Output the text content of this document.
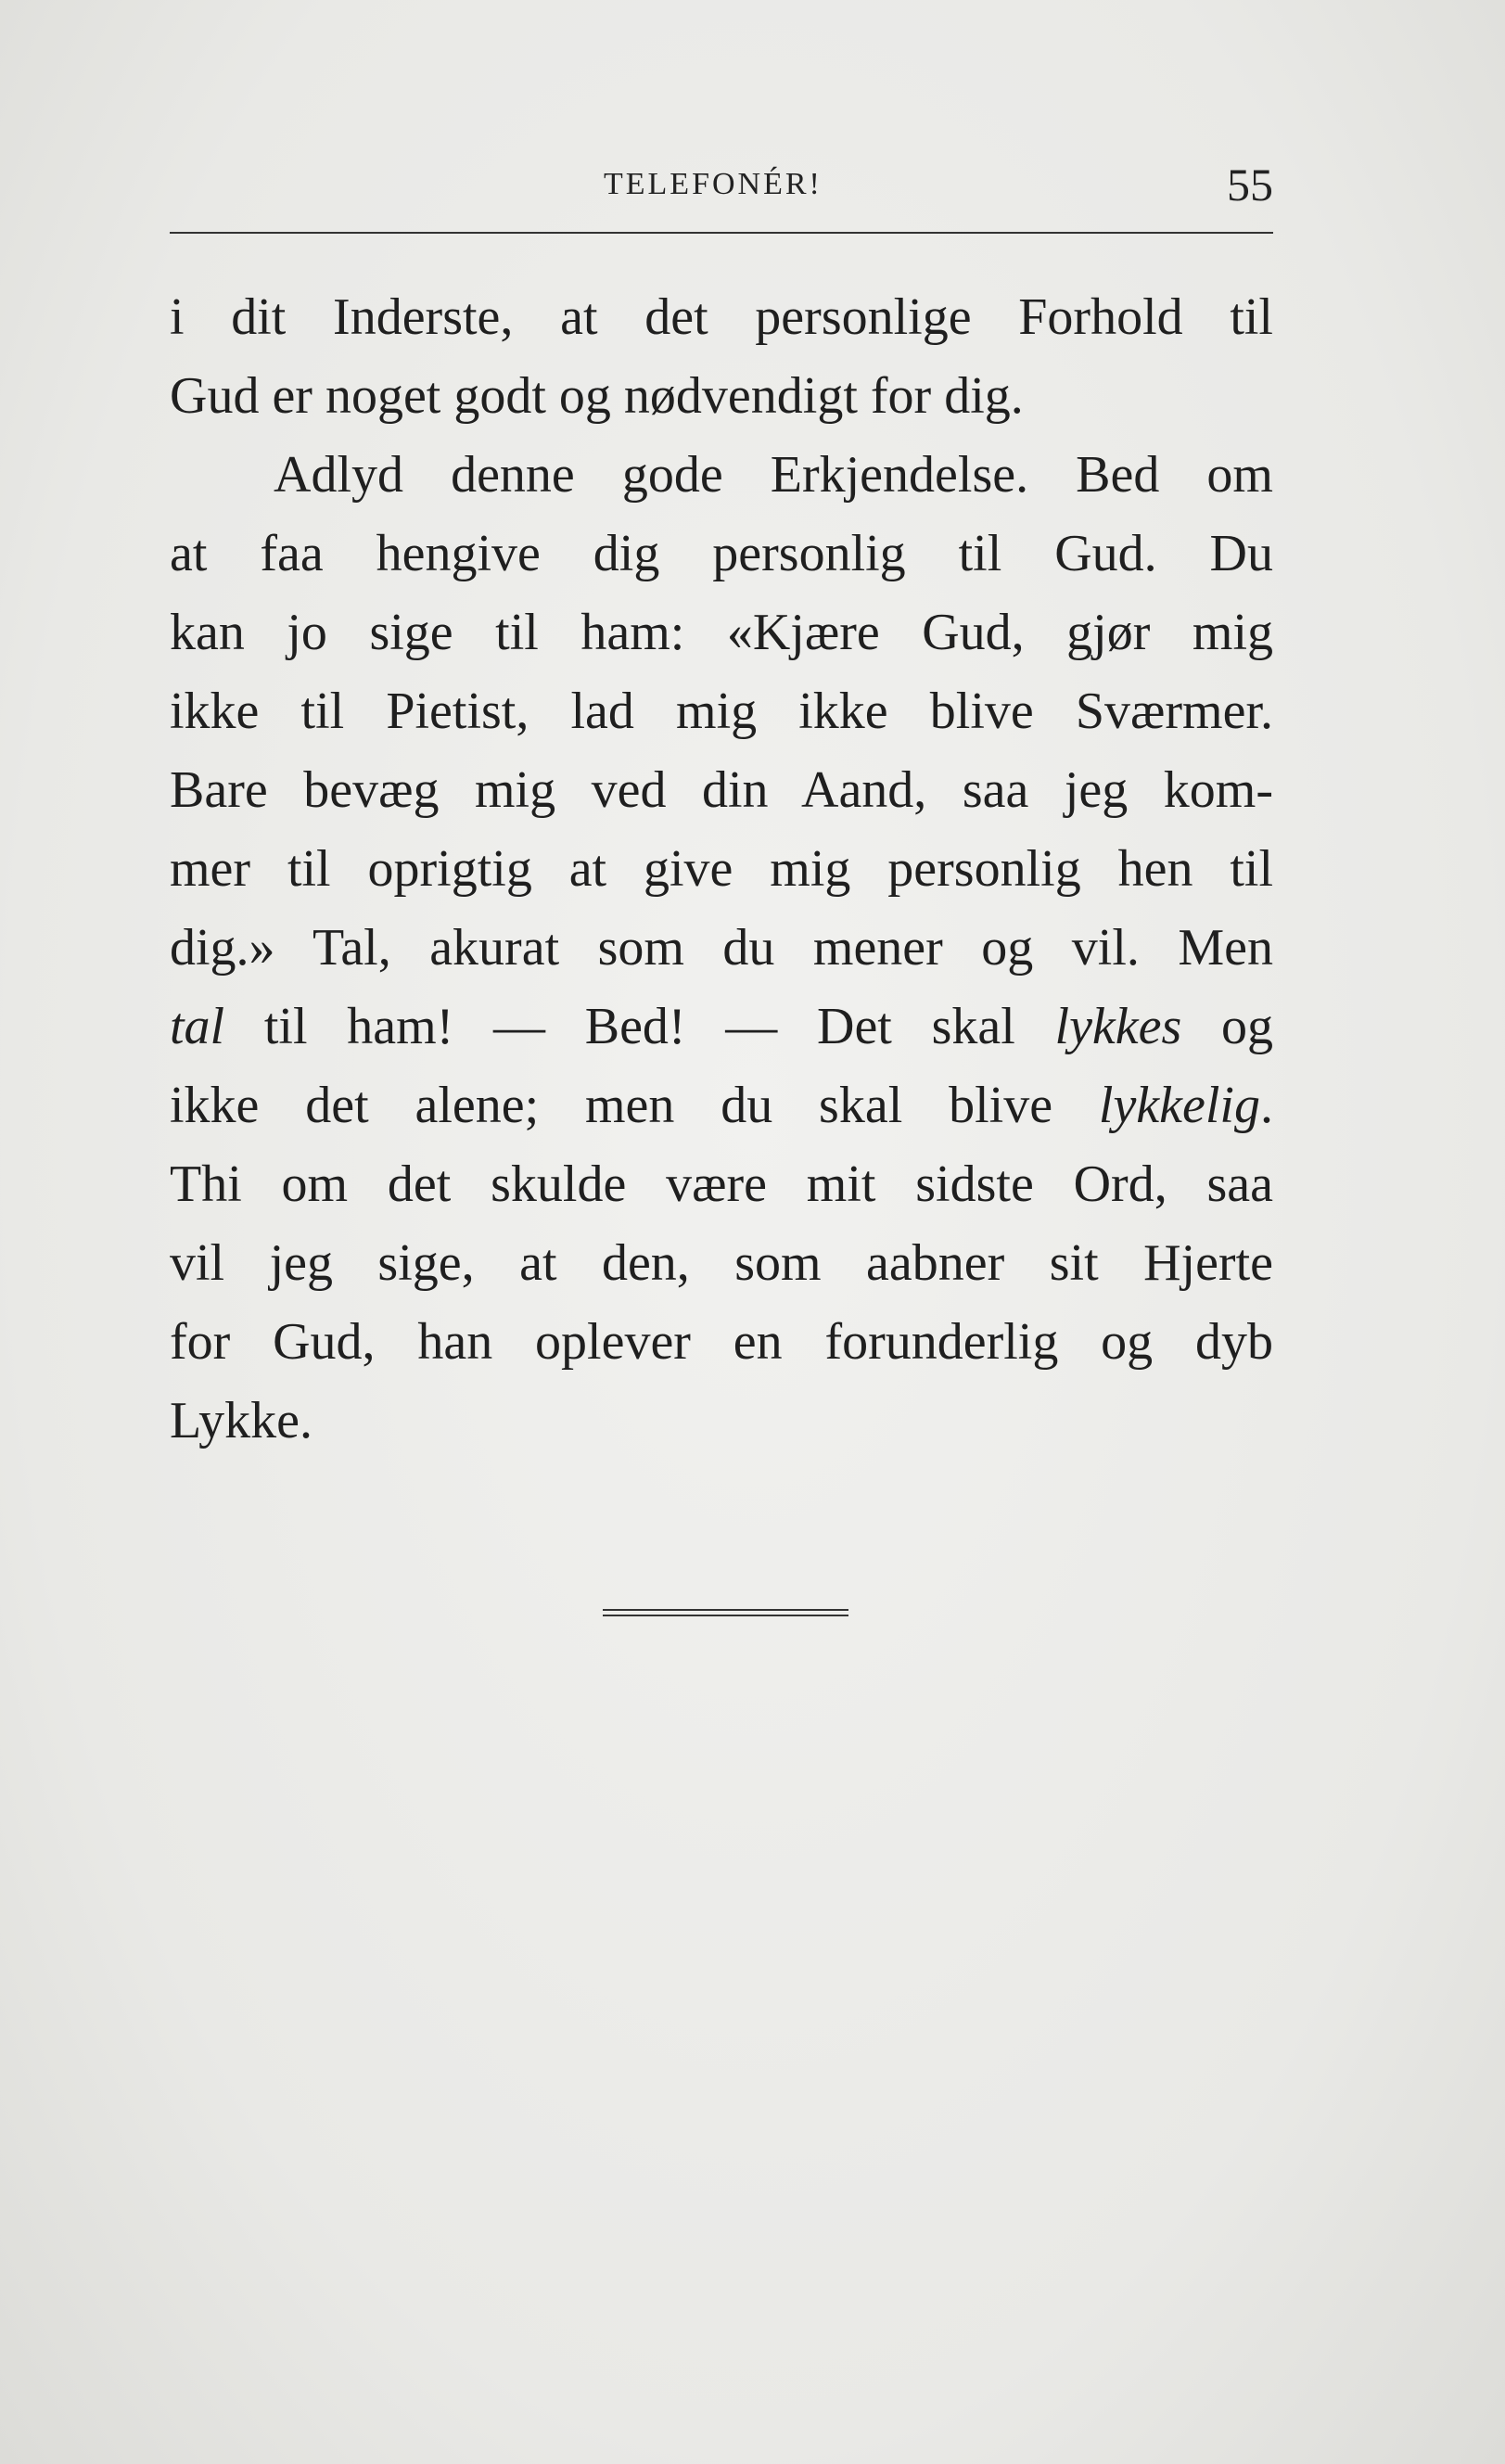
TELEFONÉR!	55
i dit Inderste, at det personlige Forhold til
Gud er noget godt og nødvendigt for dig.
Adlyd denne gode Erkjendelse. Bed om
at faa hengive dig personlig til Gud. Du
kan jo sige til ham: «Kjære Gud, gjør mig
ikke til Pietist, lad mig ikke blive Sværmer.
Bare bevæg mig ved din Aand, saa jeg kom-
mer til oprigtig at give mig personlig hen til
dig.» Tal, akurat som du mener og vil. Men
tal til ham! — Bed! — Det skal lykkes og
ikke det alene; men du skal blive lykkelig.
Thi om det skulde være mit sidste Ord, saa
vil jeg sige, at den, som aabner sit Hjerte
for Gud, han oplever en forunderlig og dyb
Lykke.
